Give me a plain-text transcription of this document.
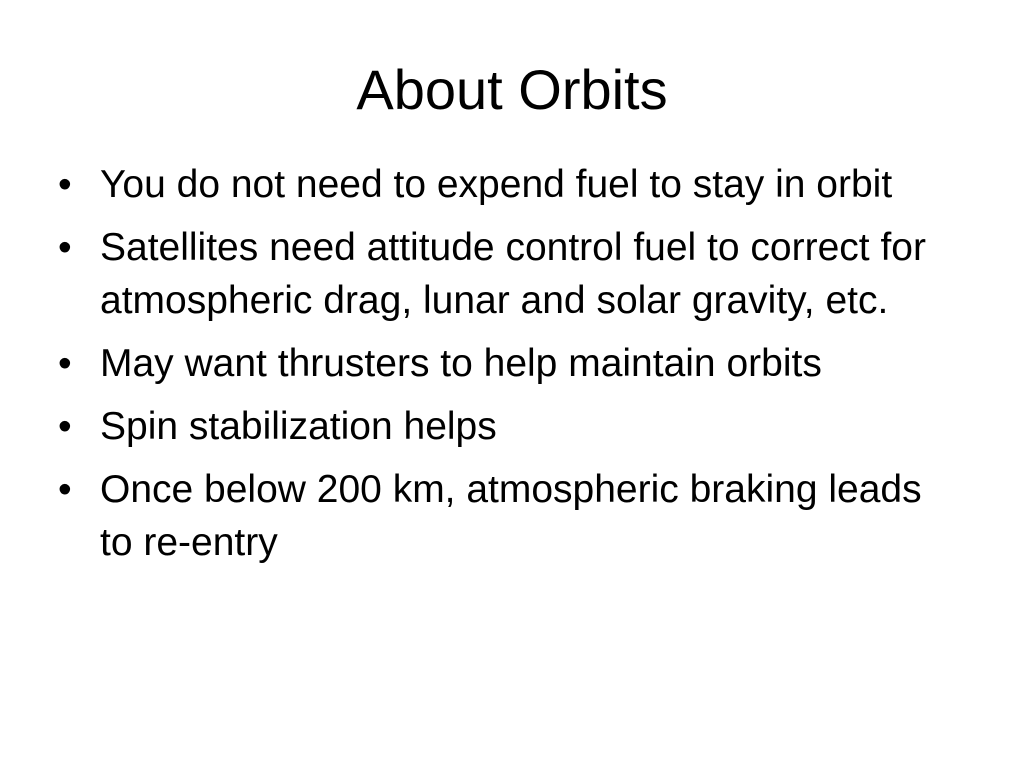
About Orbits
• You do not need to expend fuel to stay in orbit
• Satellites need attitude control fuel to correct for atmospheric drag, lunar and solar gravity, etc.
• May want thrusters to help maintain orbits
• Spin stabilization helps
• Once below 200 km, atmospheric braking leads to re-entry
